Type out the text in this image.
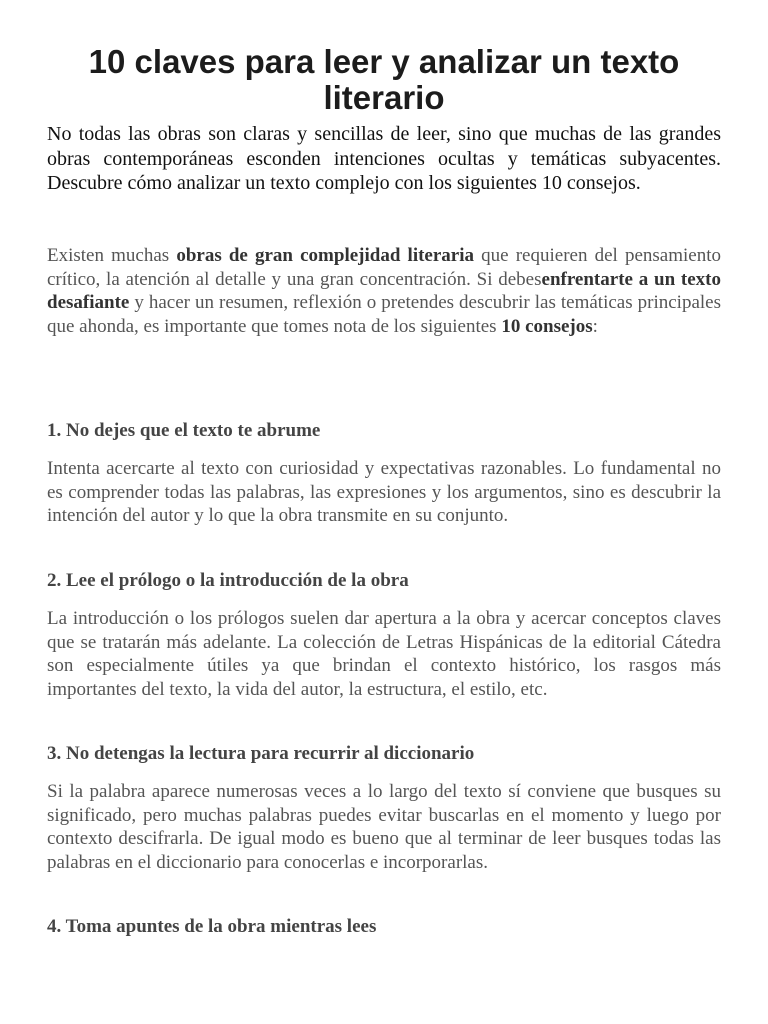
10 claves para leer y analizar un texto literario

No todas las obras son claras y sencillas de leer, sino que muchas de las grandes obras contemporáneas esconden intenciones ocultas y temáticas subyacentes. Descubre cómo analizar un texto complejo con los siguientes 10 consejos.

Existen muchas obras de gran complejidad literaria que requieren del pensamiento crítico, la atención al detalle y una gran concentración. Si debesenfrentarte a un texto desafiante y hacer un resumen, reflexión o pretendes descubrir las temáticas principales que ahonda, es importante que tomes nota de los siguientes 10 consejos:

1. No dejes que el texto te abrume

Intenta acercarte al texto con curiosidad y expectativas razonables. Lo fundamental no es comprender todas las palabras, las expresiones y los argumentos, sino es descubrir la intención del autor y lo que la obra transmite en su conjunto.

2. Lee el prólogo o la introducción de la obra

La introducción o los prólogos suelen dar apertura a la obra y acercar conceptos claves que se tratarán más adelante. La colección de Letras Hispánicas de la editorial Cátedra son especialmente útiles ya que brindan el contexto histórico, los rasgos más importantes del texto, la vida del autor, la estructura, el estilo, etc.

3. No detengas la lectura para recurrir al diccionario

Si la palabra aparece numerosas veces a lo largo del texto sí conviene que busques su significado, pero muchas palabras puedes evitar buscarlas en el momento y luego por contexto descifrarla. De igual modo es bueno que al terminar de leer busques todas las palabras en el diccionario para conocerlas e incorporarlas.

4. Toma apuntes de la obra mientras lees
